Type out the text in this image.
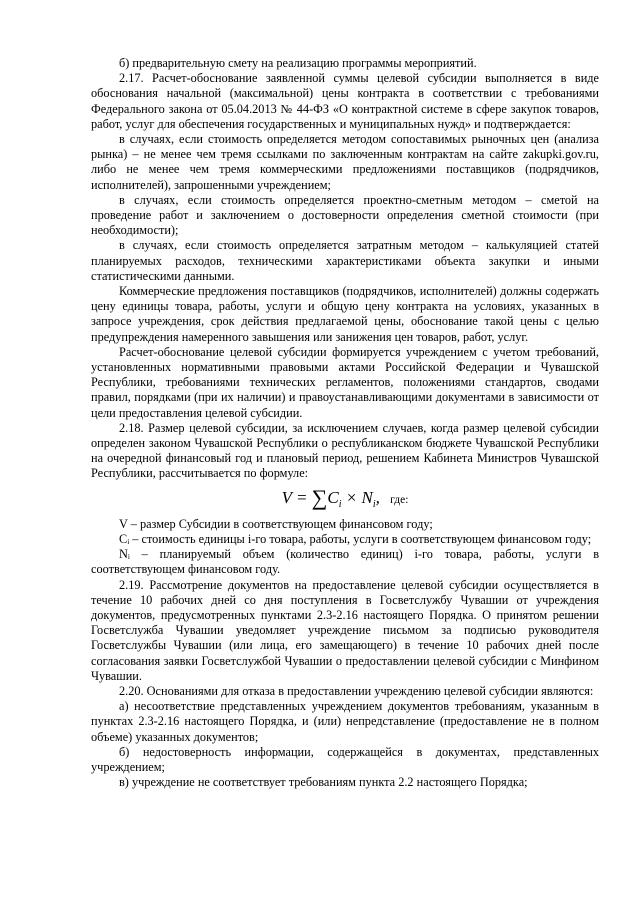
б) предварительную смету на реализацию программы мероприятий.

2.17. Расчет-обоснование заявленной суммы целевой субсидии выполняется в виде обоснования начальной (максимальной) цены контракта в соответствии с требованиями Федерального закона от 05.04.2013 № 44-ФЗ «О контрактной системе в сфере закупок товаров, работ, услуг для обеспечения государственных и муниципальных нужд» и подтверждается:

в случаях, если стоимость определяется методом сопоставимых рыночных цен (анализа рынка) – не менее чем тремя ссылками по заключенным контрактам на сайте zakupki.gov.ru, либо не менее чем тремя коммерческими предложениями поставщиков (подрядчиков, исполнителей), запрошенными учреждением;

в случаях, если стоимость определяется проектно-сметным методом – сметой на проведение работ и заключением о достоверности определения сметной стоимости (при необходимости);

в случаях, если стоимость определяется затратным методом – калькуляцией статей планируемых расходов, техническими характеристиками объекта закупки и иными статистическими данными.

Коммерческие предложения поставщиков (подрядчиков, исполнителей) должны содержать цену единицы товара, работы, услуги и общую цену контракта на условиях, указанных в запросе учреждения, срок действия предлагаемой цены, обоснование такой цены с целью предупреждения намеренного завышения или занижения цен товаров, работ, услуг.

Расчет-обоснование целевой субсидии формируется учреждением с учетом требований, установленных нормативными правовыми актами Российской Федерации и Чувашской Республики, требованиями технических регламентов, положениями стандартов, сводами правил, порядками (при их наличии) и правоустанавливающими документами в зависимости от цели предоставления целевой субсидии.

2.18. Размер целевой субсидии, за исключением случаев, когда размер целевой субсидии определен законом Чувашской Республики о республиканском бюджете Чувашской Республики на очередной финансовый год и плановый период, решением Кабинета Министров Чувашской Республики, рассчитывается по формуле:

$V = \sum C_i \times N_i$, где:

V – размер Субсидии в соответствующем финансовом году;

Cᵢ – стоимость единицы i-го товара, работы, услуги в соответствующем финансовом году;

Nᵢ – планируемый объем (количество единиц) i-го товара, работы, услуги в соответствующем финансовом году.

2.19. Рассмотрение документов на предоставление целевой субсидии осуществляется в течение 10 рабочих дней со дня поступления в Госветслужбу Чувашии от учреждения документов, предусмотренных пунктами 2.3-2.16 настоящего Порядка. О принятом решении Госветслужба Чувашии уведомляет учреждение письмом за подписью руководителя Госветслужбы Чувашии (или лица, его замещающего) в течение 10 рабочих дней после согласования заявки Госветслужбой Чувашии о предоставлении целевой субсидии с Минфином Чувашии.

2.20. Основаниями для отказа в предоставлении учреждению целевой субсидии являются:

а) несоответствие представленных учреждением документов требованиям, указанным в пунктах 2.3-2.16 настоящего Порядка, и (или) непредставление (предоставление не в полном объеме) указанных документов;

б) недостоверность информации, содержащейся в документах, представленных учреждением;

в) учреждение не соответствует требованиям пункта 2.2 настоящего Порядка;
